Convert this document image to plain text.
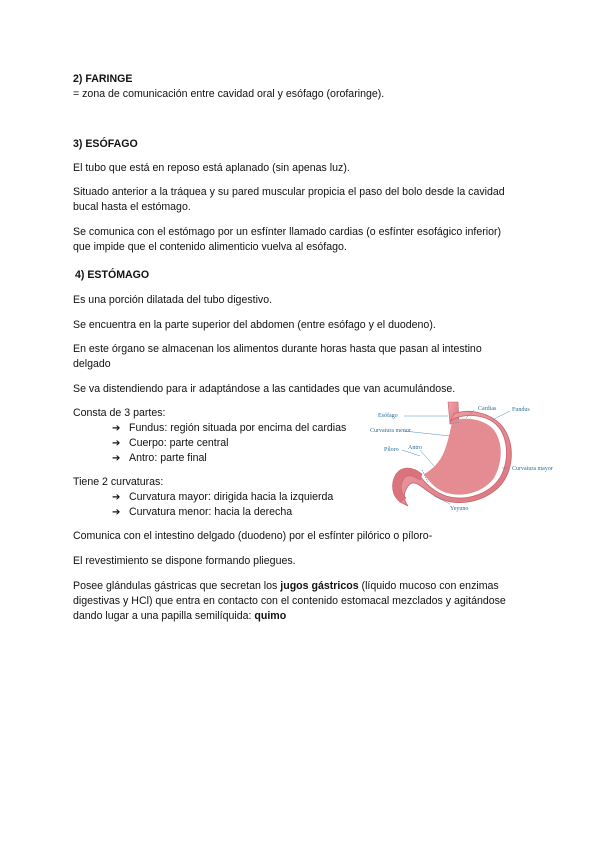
2) FARINGE
= zona de comunicación entre cavidad oral y esófago (orofaringe).
3) ESÓFAGO
El tubo que está en reposo está aplanado (sin apenas luz).
Situado anterior a la tráquea y su pared muscular propicia el paso del bolo desde la cavidad
bucal hasta el estómago.
Se comunica con el estómago por un esfínter llamado cardias (o esfínter esofágico inferior)
que impide que el contenido alimenticio vuelva al esófago.
4) ESTÓMAGO
Es una porción dilatada del tubo digestivo.
Se encuentra en la parte superior del abdomen (entre esófago y el duodeno).
En este órgano se almacenan los alimentos durante horas hasta que pasan al intestino
delgado
Se va distendiendo para ir adaptándose a las cantidades que van acumulándose.
Consta de 3 partes:
➔ Fundus: región situada por encima del cardias
➔ Cuerpo: parte central
➔ Antro: parte final
Tiene 2 curvaturas:
➔ Curvatura mayor: dirigida hacia la izquierda
➔ Curvatura menor: hacia la derecha
Comunica con el intestino delgado (duodeno) por el esfínter pilórico o píloro-
El revestimiento se dispone formando pliegues.
Posee glándulas gástricas que secretan los jugos gástricos (líquido mucoso con enzimas
digestivas y HCl) que entra en contacto con el contenido estomacal mezclados y agitándose
dando lugar a una papilla semilíquida: quimo
Esófago
Cardias	Fundus
Curvatura menor
Píloro Antro
Curvatura mayor
Yeyuno
